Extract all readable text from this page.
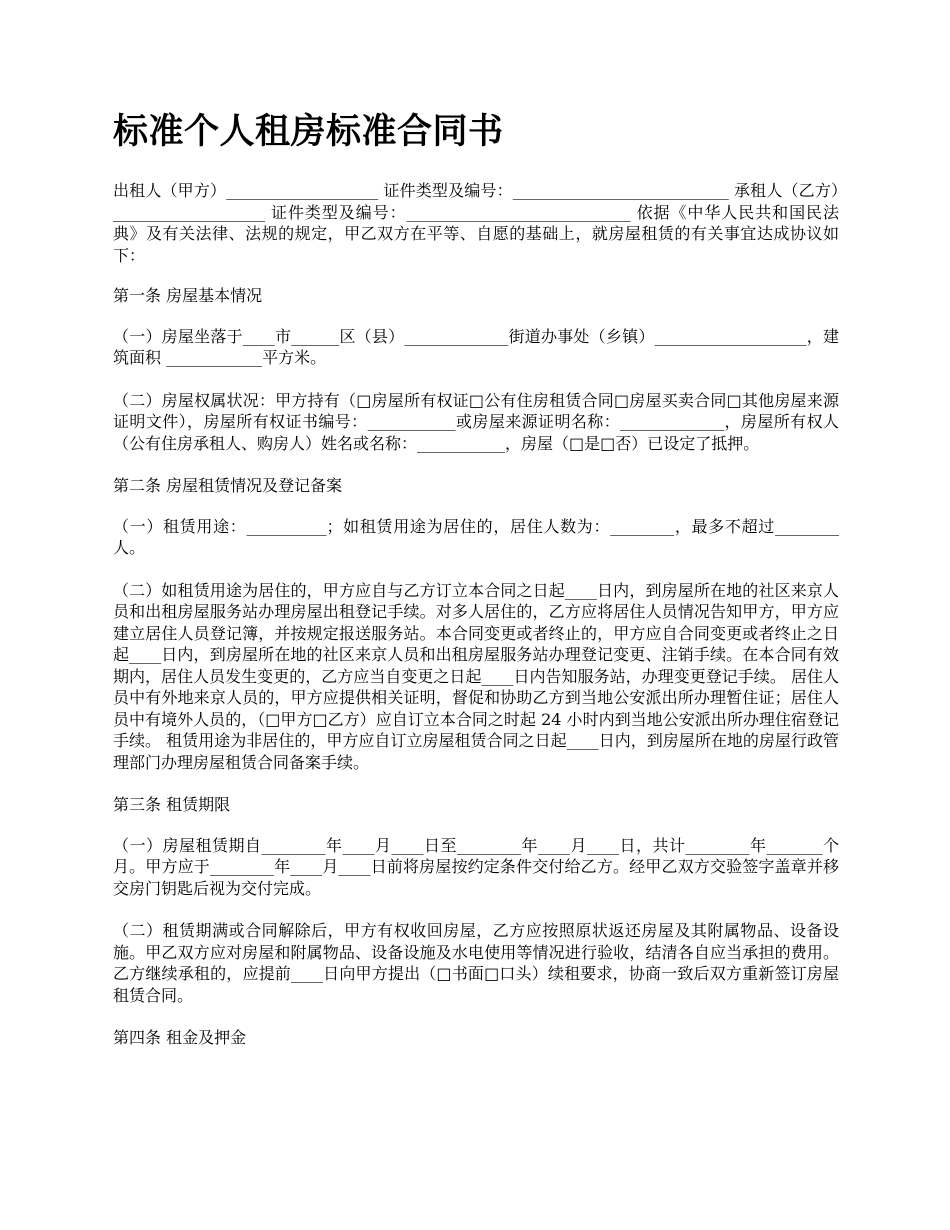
标准个人租房标准合同书

出租人（甲方）___________________ 证件类型及编号：___________________________ 承租人（乙方）___________________ 证件类型及编号：____________________________ 依据《中华人民共和国民法典》及有关法律、法规的规定，甲乙双方在平等、自愿的基础上，就房屋租赁的有关事宜达成协议如下：

第一条 房屋基本情况

（一）房屋坐落于____市______区（县）_____________街道办事处（乡镇）___________________，建筑面积 ____________平方米。

（二）房屋权属状况：甲方持有（□房屋所有权证□公有住房租赁合同□房屋买卖合同□其他房屋来源证明文件），房屋所有权证书编号：___________或房屋来源证明名称：_____________，房屋所有权人（公有住房承租人、购房人）姓名或名称：___________，房屋（□是□否）已设定了抵押。

第二条 房屋租赁情况及登记备案

（一）租赁用途：__________；如租赁用途为居住的，居住人数为：________，最多不超过________人。

（二）如租赁用途为居住的，甲方应自与乙方订立本合同之日起____日内，到房屋所在地的社区来京人员和出租房屋服务站办理房屋出租登记手续。对多人居住的，乙方应将居住人员情况告知甲方，甲方应建立居住人员登记簿，并按规定报送服务站。本合同变更或者终止的，甲方应自合同变更或者终止之日起____日内，到房屋所在地的社区来京人员和出租房屋服务站办理登记变更、注销手续。在本合同有效期内，居住人员发生变更的，乙方应当自变更之日起____日内告知服务站，办理变更登记手续。 居住人员中有外地来京人员的，甲方应提供相关证明，督促和协助乙方到当地公安派出所办理暂住证；居住人员中有境外人员的，（□甲方□乙方）应自订立本合同之时起 24 小时内到当地公安派出所办理住宿登记手续。 租赁用途为非居住的，甲方应自订立房屋租赁合同之日起____日内，到房屋所在地的房屋行政管理部门办理房屋租赁合同备案手续。

第三条 租赁期限

（一）房屋租赁期自________年____月____日至________年____月____日，共计________年_______个月。甲方应于________年____月____日前将房屋按约定条件交付给乙方。经甲乙双方交验签字盖章并移交房门钥匙后视为交付完成。

（二）租赁期满或合同解除后，甲方有权收回房屋，乙方应按照原状返还房屋及其附属物品、设备设施。甲乙双方应对房屋和附属物品、设备设施及水电使用等情况进行验收，结清各自应当承担的费用。 乙方继续承租的，应提前____日向甲方提出（□书面□口头）续租要求，协商一致后双方重新签订房屋租赁合同。

第四条 租金及押金
